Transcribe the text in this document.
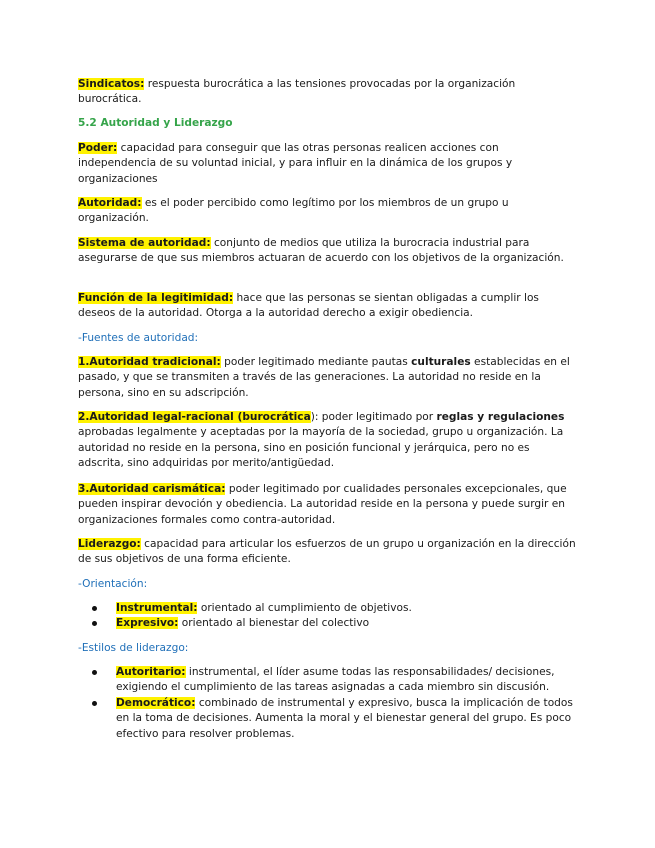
Sindicatos: respuesta burocrática a las tensiones provocadas por la organización burocrática.

5.2 Autoridad y Liderazgo

Poder: capacidad para conseguir que las otras personas realicen acciones con independencia de su voluntad inicial, y para influir en la dinámica de los grupos y organizaciones

Autoridad: es el poder percibido como legítimo por los miembros de un grupo u organización.

Sistema de autoridad: conjunto de medios que utiliza la burocracia industrial para asegurarse de que sus miembros actuaran de acuerdo con los objetivos de la organización.

Función de la legitimidad: hace que las personas se sientan obligadas a cumplir los deseos de la autoridad. Otorga a la autoridad derecho a exigir obediencia.

-Fuentes de autoridad:

1.Autoridad tradicional: poder legitimado mediante pautas culturales establecidas en el pasado, y que se transmiten a través de las generaciones. La autoridad no reside en la persona, sino en su adscripción.

2.Autoridad legal-racional (burocrática): poder legitimado por reglas y regulaciones aprobadas legalmente y aceptadas por la mayoría de la sociedad, grupo u organización. La autoridad no reside en la persona, sino en posición funcional y jerárquica, pero no es adscrita, sino adquiridas por merito/antigüedad.

3.Autoridad carismática: poder legitimado por cualidades personales excepcionales, que pueden inspirar devoción y obediencia. La autoridad reside en la persona y puede surgir en organizaciones formales como contra-autoridad.

Liderazgo: capacidad para articular los esfuerzos de un grupo u organización en la dirección de sus objetivos de una forma eficiente.

-Orientación:
Instrumental: orientado al cumplimiento de objetivos.
Expresivo: orientado al bienestar del colectivo
-Estilos de liderazgo:
Autoritario: instrumental, el líder asume todas las responsabilidades/ decisiones, exigiendo el cumplimiento de las tareas asignadas a cada miembro sin discusión.
Democrático: combinado de instrumental y expresivo, busca la implicación de todos en la toma de decisiones. Aumenta la moral y el bienestar general del grupo. Es poco efectivo para resolver problemas.
